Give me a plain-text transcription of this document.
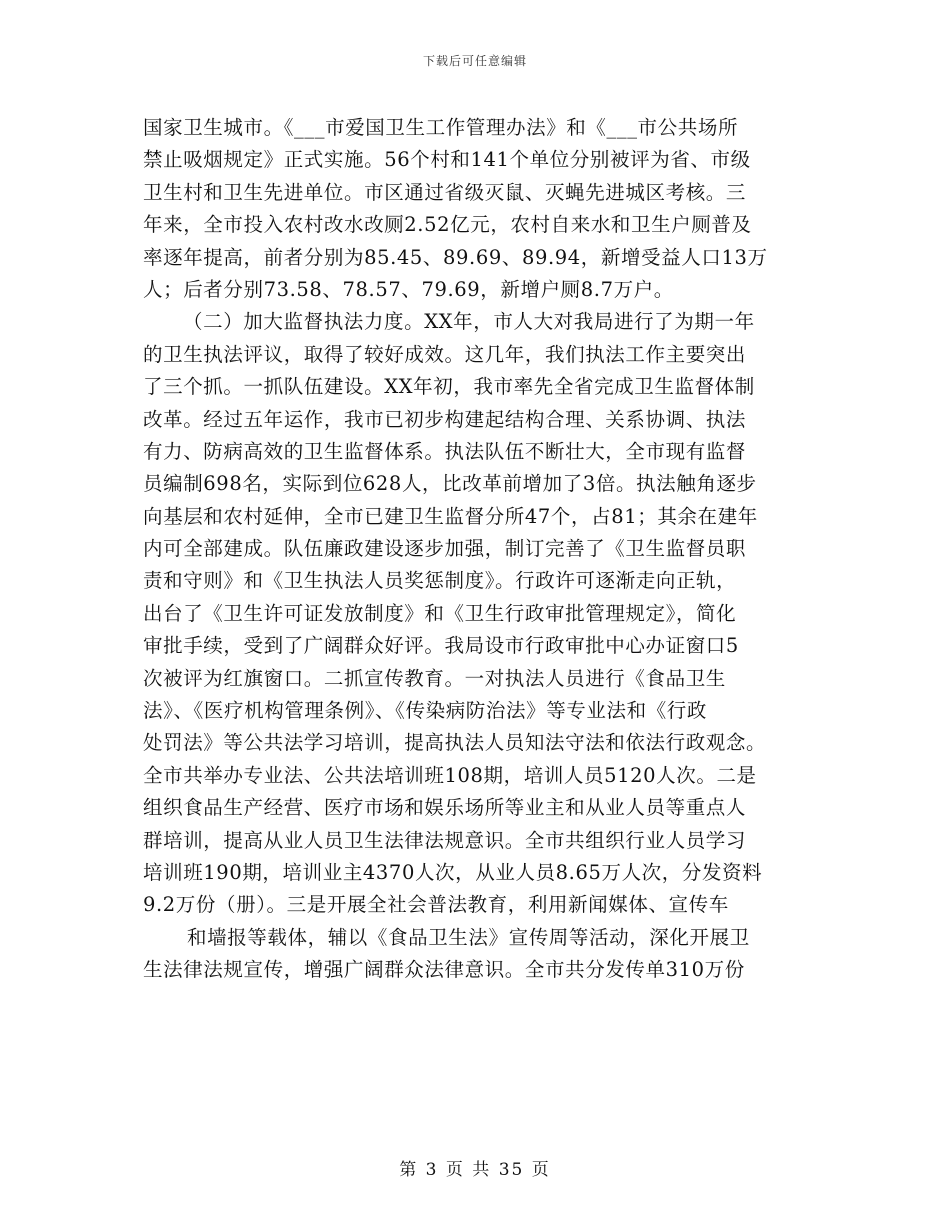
下载后可任意编辑
国家卫生城市。《___市爱国卫生工作管理办法》和《___市公共场所
禁止吸烟规定》正式实施。56个村和141个单位分别被评为省、市级
卫生村和卫生先进单位。市区通过省级灭鼠、灭蝇先进城区考核。三
年来，全市投入农村改水改厕2.52亿元，农村自来水和卫生户厕普及
率逐年提高，前者分别为85.45、89.69、89.94，新增受益人口13万
人；后者分别73.58、78.57、79.69，新增户厕8.7万户。
（二）加大监督执法力度。XX年，市人大对我局进行了为期一年
的卫生执法评议，取得了较好成效。这几年，我们执法工作主要突出
了三个抓。一抓队伍建设。XX年初，我市率先全省完成卫生监督体制
改革。经过五年运作，我市已初步构建起结构合理、关系协调、执法
有力、防病高效的卫生监督体系。执法队伍不断壮大，全市现有监督
员编制698名，实际到位628人，比改革前增加了3倍。执法触角逐步
向基层和农村延伸，全市已建卫生监督分所47个，占81；其余在建年
内可全部建成。队伍廉政建设逐步加强，制订完善了《卫生监督员职
责和守则》和《卫生执法人员奖惩制度》。行政许可逐渐走向正轨，
出台了《卫生许可证发放制度》和《卫生行政审批管理规定》，简化
审批手续，受到了广阔群众好评。我局设市行政审批中心办证窗口5
次被评为红旗窗口。二抓宣传教育。一对执法人员进行《食品卫生
法》、《医疗机构管理条例》、《传染病防治法》等专业法和《行政
处罚法》等公共法学习培训，提高执法人员知法守法和依法行政观念。
全市共举办专业法、公共法培训班108期，培训人员5120人次。二是
组织食品生产经营、医疗市场和娱乐场所等业主和从业人员等重点人
群培训，提高从业人员卫生法律法规意识。全市共组织行业人员学习
培训班190期，培训业主4370人次，从业人员8.65万人次，分发资料
9.2万份（册）。三是开展全社会普法教育，利用新闻媒体、宣传车
和墙报等载体，辅以《食品卫生法》宣传周等活动，深化开展卫
生法律法规宣传，增强广阔群众法律意识。全市共分发传单310万份
第 3 页 共 35 页
